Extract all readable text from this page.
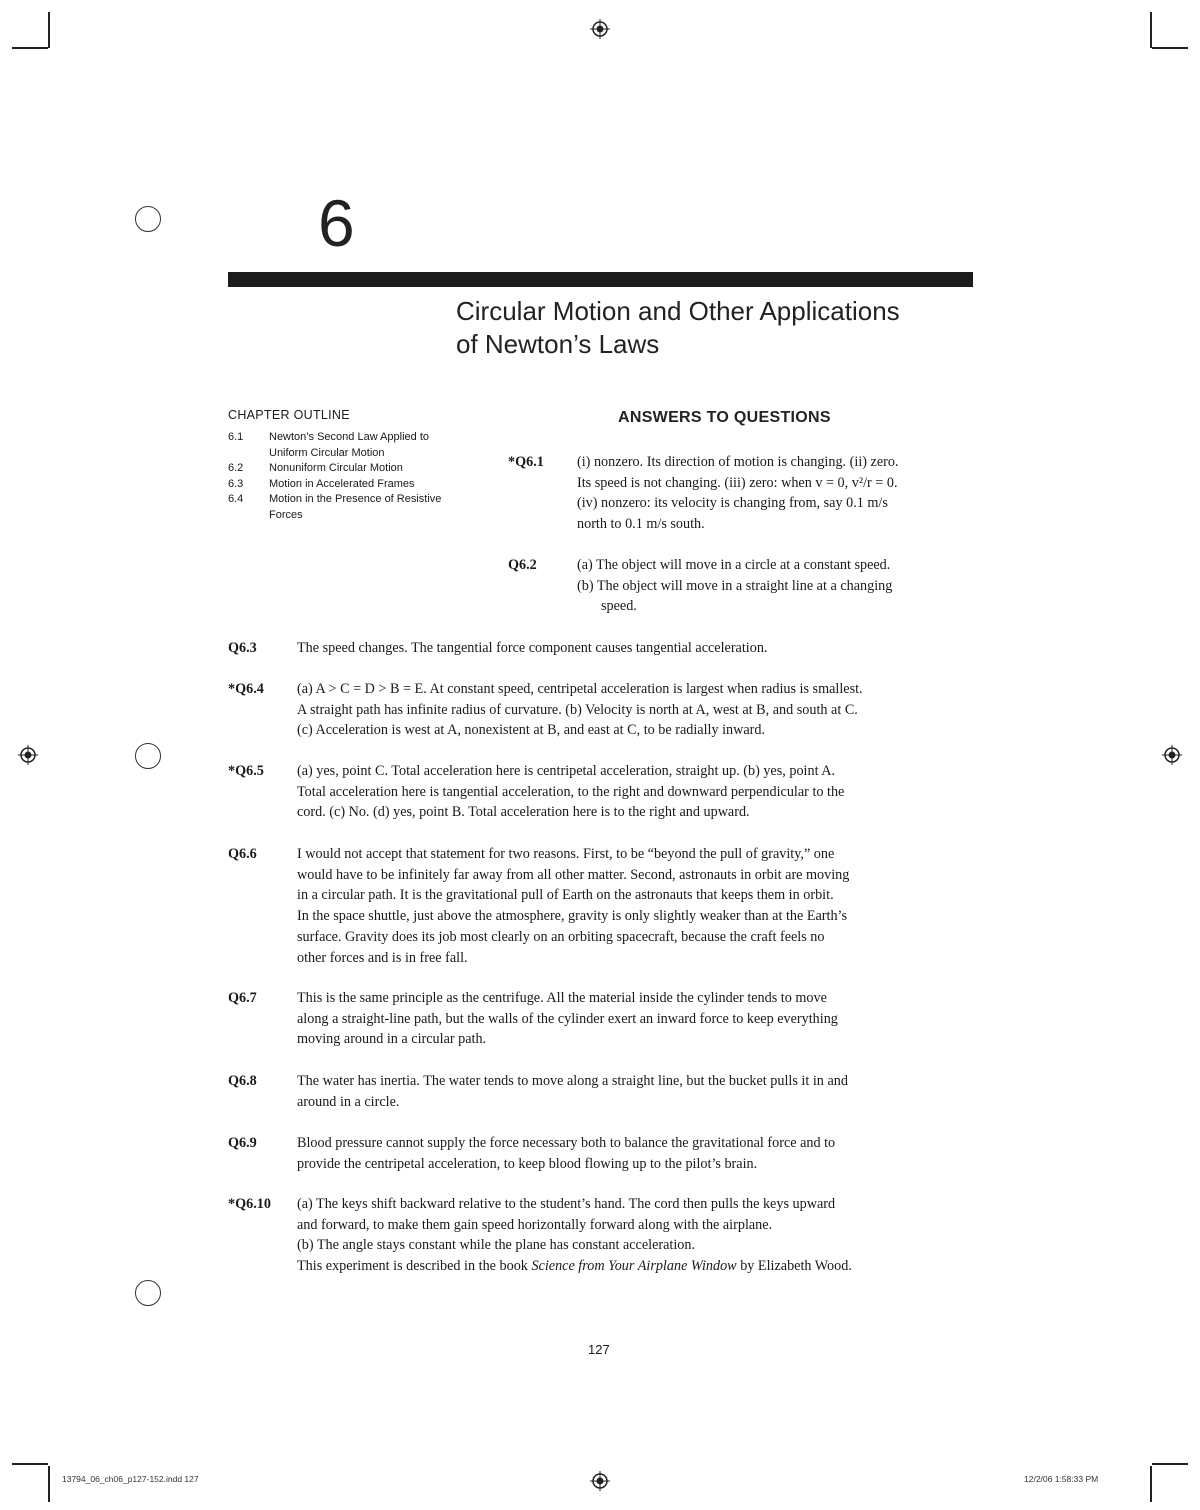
6
Circular Motion and Other Applications
of Newton’s Laws
CHAPTER OUTLINE
6.1	Newton’s Second Law Applied to Uniform Circular Motion
6.2	Nonuniform Circular Motion
6.3	Motion in Accelerated Frames
6.4	Motion in the Presence of Resistive Forces
ANSWERS TO QUESTIONS
*Q6.1 (i) nonzero. Its direction of motion is changing. (ii) zero.
Its speed is not changing. (iii) zero: when v = 0, v²/r = 0.
(iv) nonzero: its velocity is changing from, say 0.1 m/s
north to 0.1 m/s south.
Q6.2	(a) The object will move in a circle at a constant speed.
(b) The object will move in a straight line at a changing
speed.
Q6.3	The speed changes. The tangential force component causes tangential acceleration.
*Q6.4 (a) A > C = D > B = E. At constant speed, centripetal acceleration is largest when radius is smallest.
A straight path has infinite radius of curvature. (b) Velocity is north at A, west at B, and south at C.
(c) Acceleration is west at A, nonexistent at B, and east at C, to be radially inward.
*Q6.5 (a) yes, point C. Total acceleration here is centripetal acceleration, straight up. (b) yes, point A.
Total acceleration here is tangential acceleration, to the right and downward perpendicular to the
cord. (c) No. (d) yes, point B. Total acceleration here is to the right and upward.
Q6.6	I would not accept that statement for two reasons. First, to be “beyond the pull of gravity,” one
would have to be infinitely far away from all other matter. Second, astronauts in orbit are moving
in a circular path. It is the gravitational pull of Earth on the astronauts that keeps them in orbit.
In the space shuttle, just above the atmosphere, gravity is only slightly weaker than at the Earth’s
surface. Gravity does its job most clearly on an orbiting spacecraft, because the craft feels no
other forces and is in free fall.
Q6.7	This is the same principle as the centrifuge. All the material inside the cylinder tends to move
along a straight-line path, but the walls of the cylinder exert an inward force to keep everything
moving around in a circular path.
Q6.8	The water has inertia. The water tends to move along a straight line, but the bucket pulls it in and
around in a circle.
Q6.9	Blood pressure cannot supply the force necessary both to balance the gravitational force and to
provide the centripetal acceleration, to keep blood flowing up to the pilot’s brain.
*Q6.10 (a) The keys shift backward relative to the student’s hand. The cord then pulls the keys upward
and forward, to make them gain speed horizontally forward along with the airplane.
(b) The angle stays constant while the plane has constant acceleration.
This experiment is described in the book Science from Your Airplane Window by Elizabeth Wood.
127
13794_06_ch06_p127-152.indd 127	12/2/06 1:58:33 PM
